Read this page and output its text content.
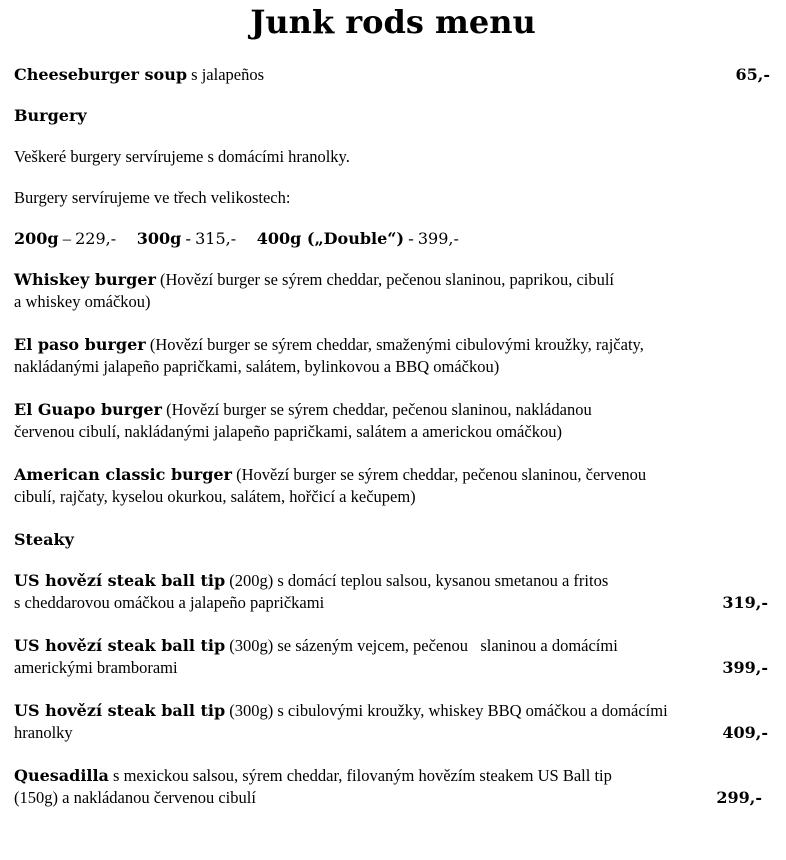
Junk rods menu
Cheeseburger soup s jalapeños	65,-
Burgery
Veškeré burgery servírujeme s domácími hranolky.
Burgery servírujeme ve třech velikostech:
200g – 229,- 300g - 315,- 400g („Double“) - 399,-
Whiskey burger (Hovězí burger se sýrem cheddar, pečenou slaninou, paprikou, cibulí
a whiskey omáčkou)
El paso burger (Hovězí burger se sýrem cheddar, smaženými cibulovými kroužky, rajčaty,
nakládanými jalapeño papričkami, salátem, bylinkovou a BBQ omáčkou)
El Guapo burger (Hovězí burger se sýrem cheddar, pečenou slaninou, nakládanou
červenou cibulí, nakládanými jalapeño papričkami, salátem a americkou omáčkou)
American classic burger (Hovězí burger se sýrem cheddar, pečenou slaninou, červenou
cibulí, rajčaty, kyselou okurkou, salátem, hořčicí a kečupem)
Steaky
US hovězí steak ball tip (200g) s domácí teplou salsou, kysanou smetanou a fritos
s cheddarovou omáčkou a jalapeño papričkami	319,-
US hovězí steak ball tip (300g) se sázeným vejcem, pečenou   slaninou a domácími
americkými bramborami	399,-
US hovězí steak ball tip (300g) s cibulovými kroužky, whiskey BBQ omáčkou a domácími
hranolky	409,-
Quesadilla s mexickou salsou, sýrem cheddar, filovaným hovězím steakem US Ball tip
(150g) a nakládanou červenou cibulí	299,-
